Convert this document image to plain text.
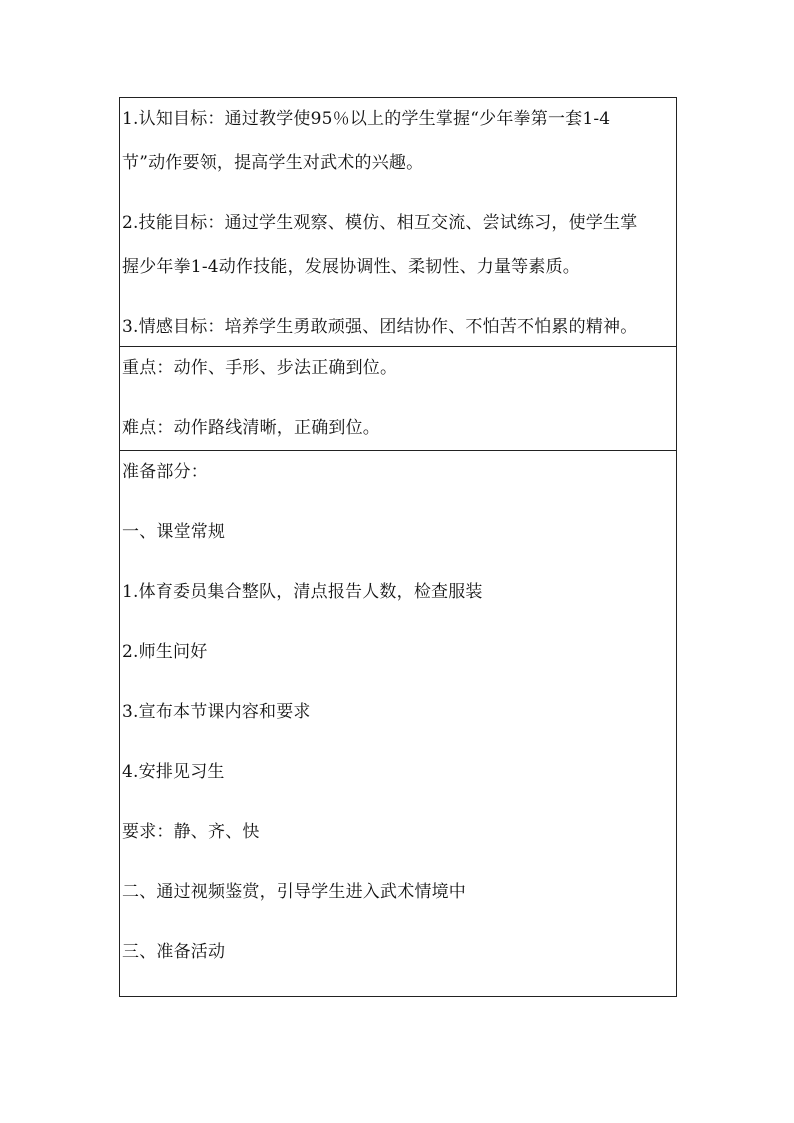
1.认知目标：通过教学使95％以上的学生掌握“少年拳第一套1-4
节”动作要领，提高学生对武术的兴趣。
2.技能目标：通过学生观察、模仿、相互交流、尝试练习，使学生掌
握少年拳1-4动作技能，发展协调性、柔韧性、力量等素质。
3.情感目标：培养学生勇敢顽强、团结协作、不怕苦不怕累的精神。
重点：动作、手形、步法正确到位。
难点：动作路线清晰，正确到位。
准备部分：
一、课堂常规
1.体育委员集合整队，清点报告人数，检查服装
2.师生问好
3.宣布本节课内容和要求
4.安排见习生
要求：静、齐、快
二、通过视频鉴赏，引导学生进入武术情境中
三、准备活动
